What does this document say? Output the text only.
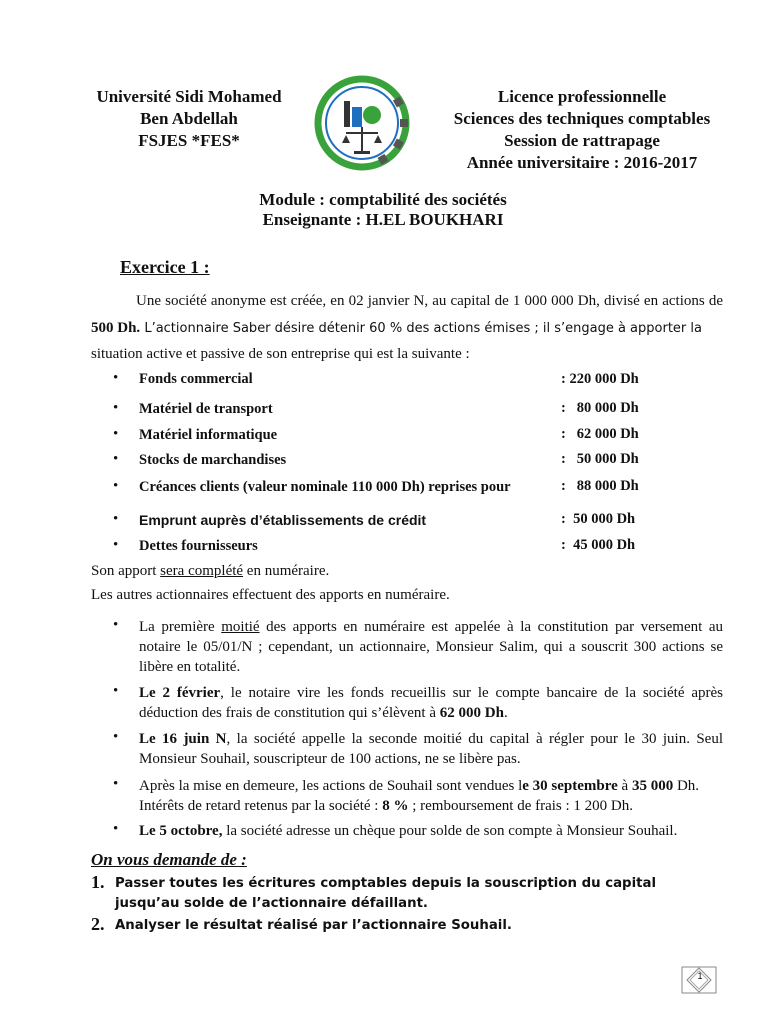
Université Sidi Mohamed
Ben Abdellah
FSJES *FES*
Licence professionnelle
Sciences des techniques comptables
Session de rattrapage
Année universitaire : 2016-2017
Module : comptabilité des sociétés
Enseignante : H.EL BOUKHARI
Exercice 1 :
Une société anonyme est créée, en 02 janvier N, au capital de 1 000 000 Dh, divisé en actions de 500 Dh. L’actionnaire Saber désire détenir 60 % des actions émises ; il s’engage à apporter la
situation active et passive de son entreprise qui est la suivante :
• Fonds commercial	: 220 000 Dh
• Matériel de transport	:   80 000 Dh
• Matériel informatique	:   62 000 Dh
• Stocks de marchandises	:   50 000 Dh
• Créances clients (valeur nominale 110 000 Dh) reprises pour	:   88 000 Dh
• Emprunt auprès d’établissements de crédit	:  50 000 Dh
• Dettes fournisseurs	:  45 000 Dh
Son apport sera complété en numéraire.
Les autres actionnaires effectuent des apports en numéraire.
• La première moitié des apports en numéraire est appelée à la constitution par versement au notaire le 05/01/N ; cependant, un actionnaire, Monsieur Salim, qui a souscrit 300 actions se libère en totalité.
• Le 2 février, le notaire vire les fonds recueillis sur le compte bancaire de la société après déduction des frais de constitution qui s’élèvent à 62 000 Dh.
• Le 16 juin N, la société appelle la seconde moitié du capital à régler pour le 30 juin. Seul Monsieur Souhail, souscripteur de 100 actions, ne se libère pas.
• Après la mise en demeure, les actions de Souhail sont vendues le 30 septembre à 35 000 Dh.
Intérêts de retard retenus par la société : 8 % ; remboursement de frais : 1 200 Dh.
• Le 5 octobre, la société adresse un chèque pour solde de son compte à Monsieur Souhail.
On vous demande de :
1. Passer toutes les écritures comptables depuis la souscription du capital jusqu’au solde de l’actionnaire défaillant.
2. Analyser le résultat réalisé par l’actionnaire Souhail.
1
